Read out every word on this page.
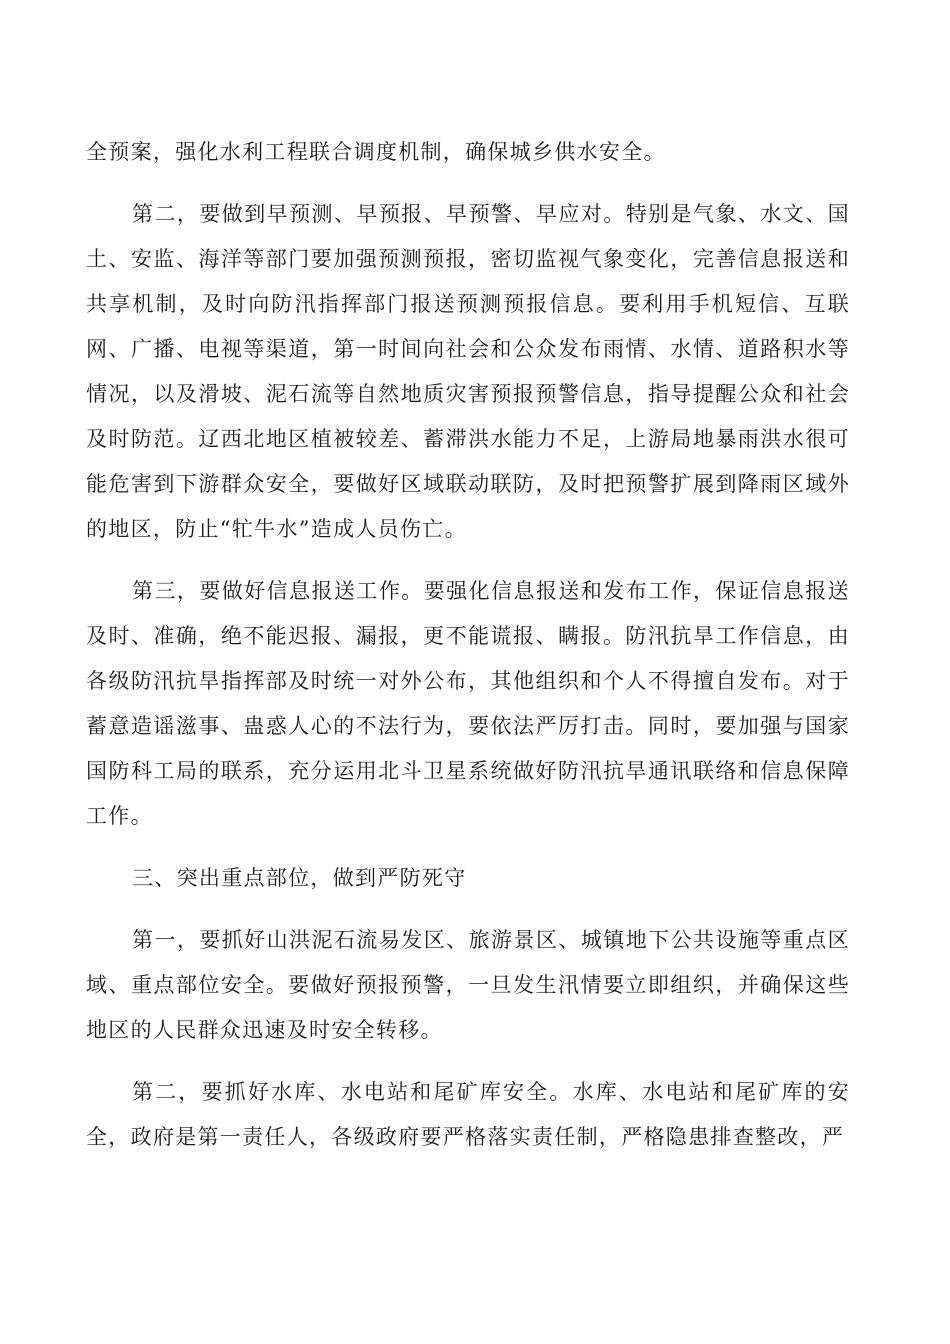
全预案，强化水利工程联合调度机制，确保城乡供水安全。

第二，要做到早预测、早预报、早预警、早应对。特别是气象、水文、国土、安监、海洋等部门要加强预测预报，密切监视气象变化，完善信息报送和共享机制，及时向防汛指挥部门报送预测预报信息。要利用手机短信、互联网、广播、电视等渠道，第一时间向社会和公众发布雨情、水情、道路积水等情况，以及滑坡、泥石流等自然地质灾害预报预警信息，指导提醒公众和社会及时防范。辽西北地区植被较差、蓄滞洪水能力不足，上游局地暴雨洪水很可能危害到下游群众安全，要做好区域联动联防，及时把预警扩展到降雨区域外的地区，防止“牤牛水”造成人员伤亡。

第三，要做好信息报送工作。要强化信息报送和发布工作，保证信息报送及时、准确，绝不能迟报、漏报，更不能谎报、瞒报。防汛抗旱工作信息，由各级防汛抗旱指挥部及时统一对外公布，其他组织和个人不得擅自发布。对于蓄意造谣滋事、蛊惑人心的不法行为，要依法严厉打击。同时，要加强与国家国防科工局的联系，充分运用北斗卫星系统做好防汛抗旱通讯联络和信息保障工作。

三、突出重点部位，做到严防死守

第一，要抓好山洪泥石流易发区、旅游景区、城镇地下公共设施等重点区域、重点部位安全。要做好预报预警，一旦发生汛情要立即组织，并确保这些地区的人民群众迅速及时安全转移。

第二，要抓好水库、水电站和尾矿库安全。水库、水电站和尾矿库的安全，政府是第一责任人，各级政府要严格落实责任制，严格隐患排查整改，严
